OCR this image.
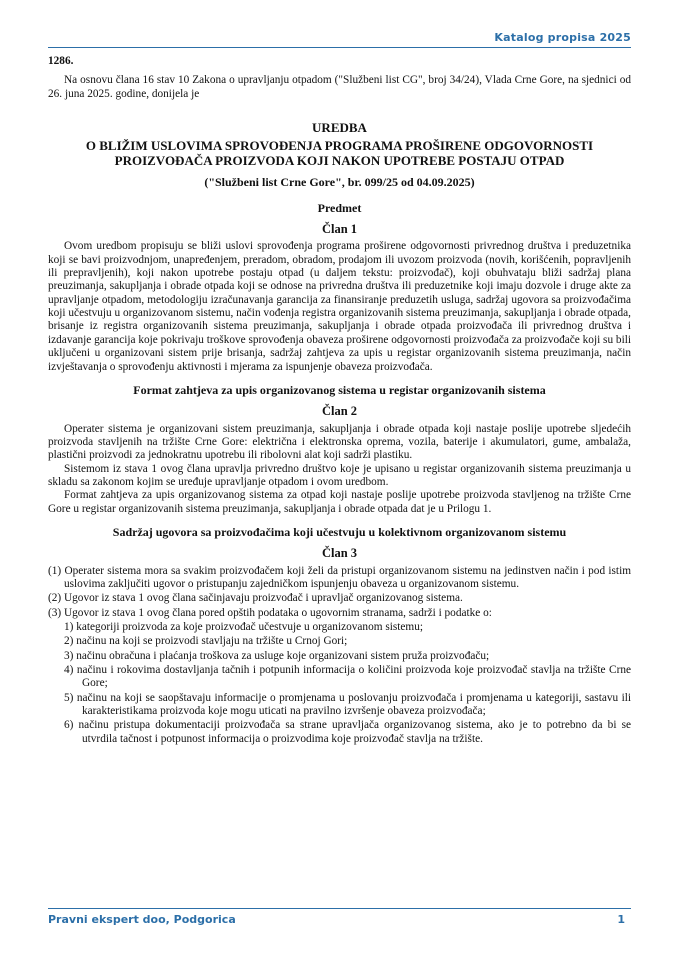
Katalog propisa 2025

1286.

Na osnovu člana 16 stav 10 Zakona o upravljanju otpadom ("Službeni list CG", broj 34/24), Vlada Crne Gore, na sjednici od 26. juna 2025. godine, donijela je

UREDBA
O BLIŽIM USLOVIMA SPROVOĐENJA PROGRAMA PROŠIRENE ODGOVORNOSTI PROIZVOĐAČA PROIZVODA KOJI NAKON UPOTREBE POSTAJU OTPAD
("Službeni list Crne Gore", br. 099/25 od 04.09.2025)
Predmet
Član 1

Ovom uredbom propisuju se bliži uslovi sprovođenja programa proširene odgovornosti privrednog društva i preduzetnika koji se bavi proizvodnjom, unapređenjem, preradom, obradom, prodajom ili uvozom proizvoda (novih, korišćenih, popravljenih ili prepravljenih), koji nakon upotrebe postaju otpad (u daljem tekstu: proizvođač), koji obuhvataju bliži sadržaj plana preuzimanja, sakupljanja i obrade otpada koji se odnose na privredna društva ili preduzetnike koji imaju dozvole i druge akte za upravljanje otpadom, metodologiju izračunavanja garancija za finansiranje preduzetih usluga, sadržaj ugovora sa proizvođačima koji učestvuju u organizovanom sistemu, način vođenja registra organizovanih sistema preuzimanja, sakupljanja i obrade otpada, brisanje iz registra organizovanih sistema preuzimanja, sakupljanja i obrade otpada proizvođača ili privrednog društva i izdavanje garancija koje pokrivaju troškove sprovođenja obaveza proširene odgovornosti proizvođača za proizvođače koji su bili uključeni u organizovani sistem prije brisanja, sadržaj zahtjeva za upis u registar organizovanih sistema preuzimanja, način izvještavanja o sprovođenju aktivnosti i mjerama za ispunjenje obaveza proizvođača.

Format zahtjeva za upis organizovanog sistema u registar organizovanih sistema
Član 2

Operater sistema je organizovani sistem preuzimanja, sakupljanja i obrade otpada koji nastaje poslije upotrebe sljedećih proizvoda stavljenih na tržište Crne Gore: električna i elektronska oprema, vozila, baterije i akumulatori, gume, ambalaža, plastični proizvodi za jednokratnu upotrebu ili ribolovni alat koji sadrži plastiku.

Sistemom iz stava 1 ovog člana upravlja privredno društvo koje je upisano u registar organizovanih sistema preuzimanja u skladu sa zakonom kojim se uređuje upravljanje otpadom i ovom uredbom.

Format zahtjeva za upis organizovanog sistema za otpad koji nastaje poslije upotrebe proizvoda stavljenog na tržište Crne Gore u registar organizovanih sistema preuzimanja, sakupljanja i obrade otpada dat je u Prilogu 1.

Sadržaj ugovora sa proizvođačima koji učestvuju u kolektivnom organizovanom sistemu
Član 3

(1) Operater sistema mora sa svakim proizvođačem koji želi da pristupi organizovanom sistemu na jedinstven način i pod istim uslovima zaključiti ugovor o pristupanju zajedničkom ispunjenju obaveza u organizovanom sistemu.

(2) Ugovor iz stava 1 ovog člana sačinjavaju proizvođač i upravljač organizovanog sistema.

(3) Ugovor iz stava 1 ovog člana pored opštih podataka o ugovornim stranama, sadrži i podatke o:

1) kategoriji proizvoda za koje proizvođač učestvuje u organizovanom sistemu;

2) načinu na koji se proizvodi stavljaju na tržište u Crnoj Gori;

3) načinu obračuna i plaćanja troškova za usluge koje organizovani sistem pruža proizvođaču;

4) načinu i rokovima dostavljanja tačnih i potpunih informacija o količini proizvoda koje proizvođač stavlja na tržište Crne Gore;

5) načinu na koji se saopštavaju informacije o promjenama u poslovanju proizvođača i promjenama u kategoriji, sastavu ili karakteristikama proizvoda koje mogu uticati na pravilno izvršenje obaveza proizvođača;

6) načinu pristupa dokumentaciji proizvođača sa strane upravljača organizovanog sistema, ako je to potrebno da bi se utvrdila tačnost i potpunost informacija o proizvodima koje proizvođač stavlja na tržište.

Pravni ekspert doo, Podgorica	1
